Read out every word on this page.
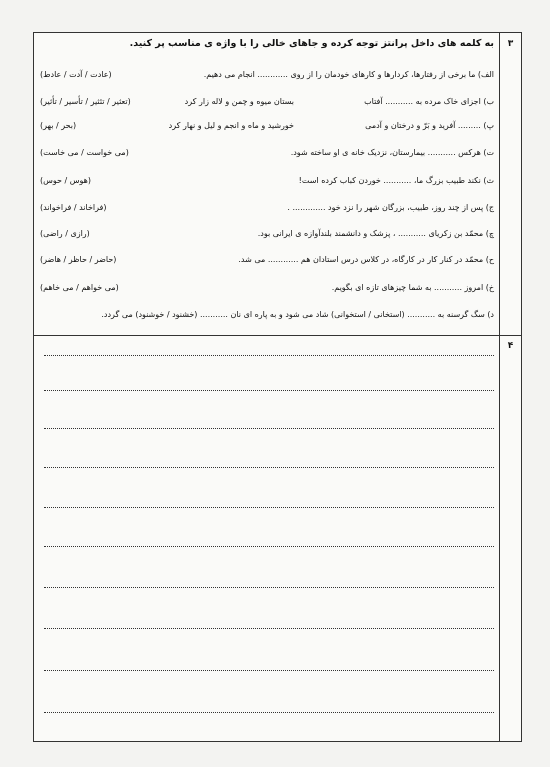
۳
۴
به کلمه های داخل پرانتز توجه کرده و جاهای خالی را با واژه ی مناسب پر کنید.
الف) ما برخی از رفتارها، کردارها و کارهای خودمان را از روی ............ انجام می دهیم.
(عادت / آدت / عادط)
ب) اجزای خاک مرده به ........... آفتاب
بستان میوه و چمن و لاله زار کرد
(تعثیر / تئثیر / تأسیر / تأثیر)
پ) ......... آفرید و بَرّ و درختان و آدمی
خورشید و ماه و انجم و لیل و نهار کرد
(بحر / بهر)
ت) هرکس ........... بیمارستان، نزدیک خانه ی او ساخته شود.
(می خواست / می خاست)
ث) نکند طبیب بزرگ ما، ........... خوردن کباب کرده است!
(هوس / حوس)
ج) پس از چند روز، طبیب، بزرگان شهر را نزد خود ............. .
(فراخاند / فراخواند)
چ) محمّد بن زکریای ........... ، پزشک و دانشمند بلندآوازه ی ایرانی بود.
(رازی / راضی)
ح) محمّد در کنار کار در کارگاه، در کلاس درس استادان هم ............ می شد.
(حاضر / حاظر / هاضر)
خ) امروز ........... به شما چیزهای تازه ای بگویم.
(می خواهم / می خاهم)
د) سگ گرسنه به ........... (استخانی / استخوانی) شاد می شود و به پاره ای نان ........... (خشنود / خوشنود) می گردد.
